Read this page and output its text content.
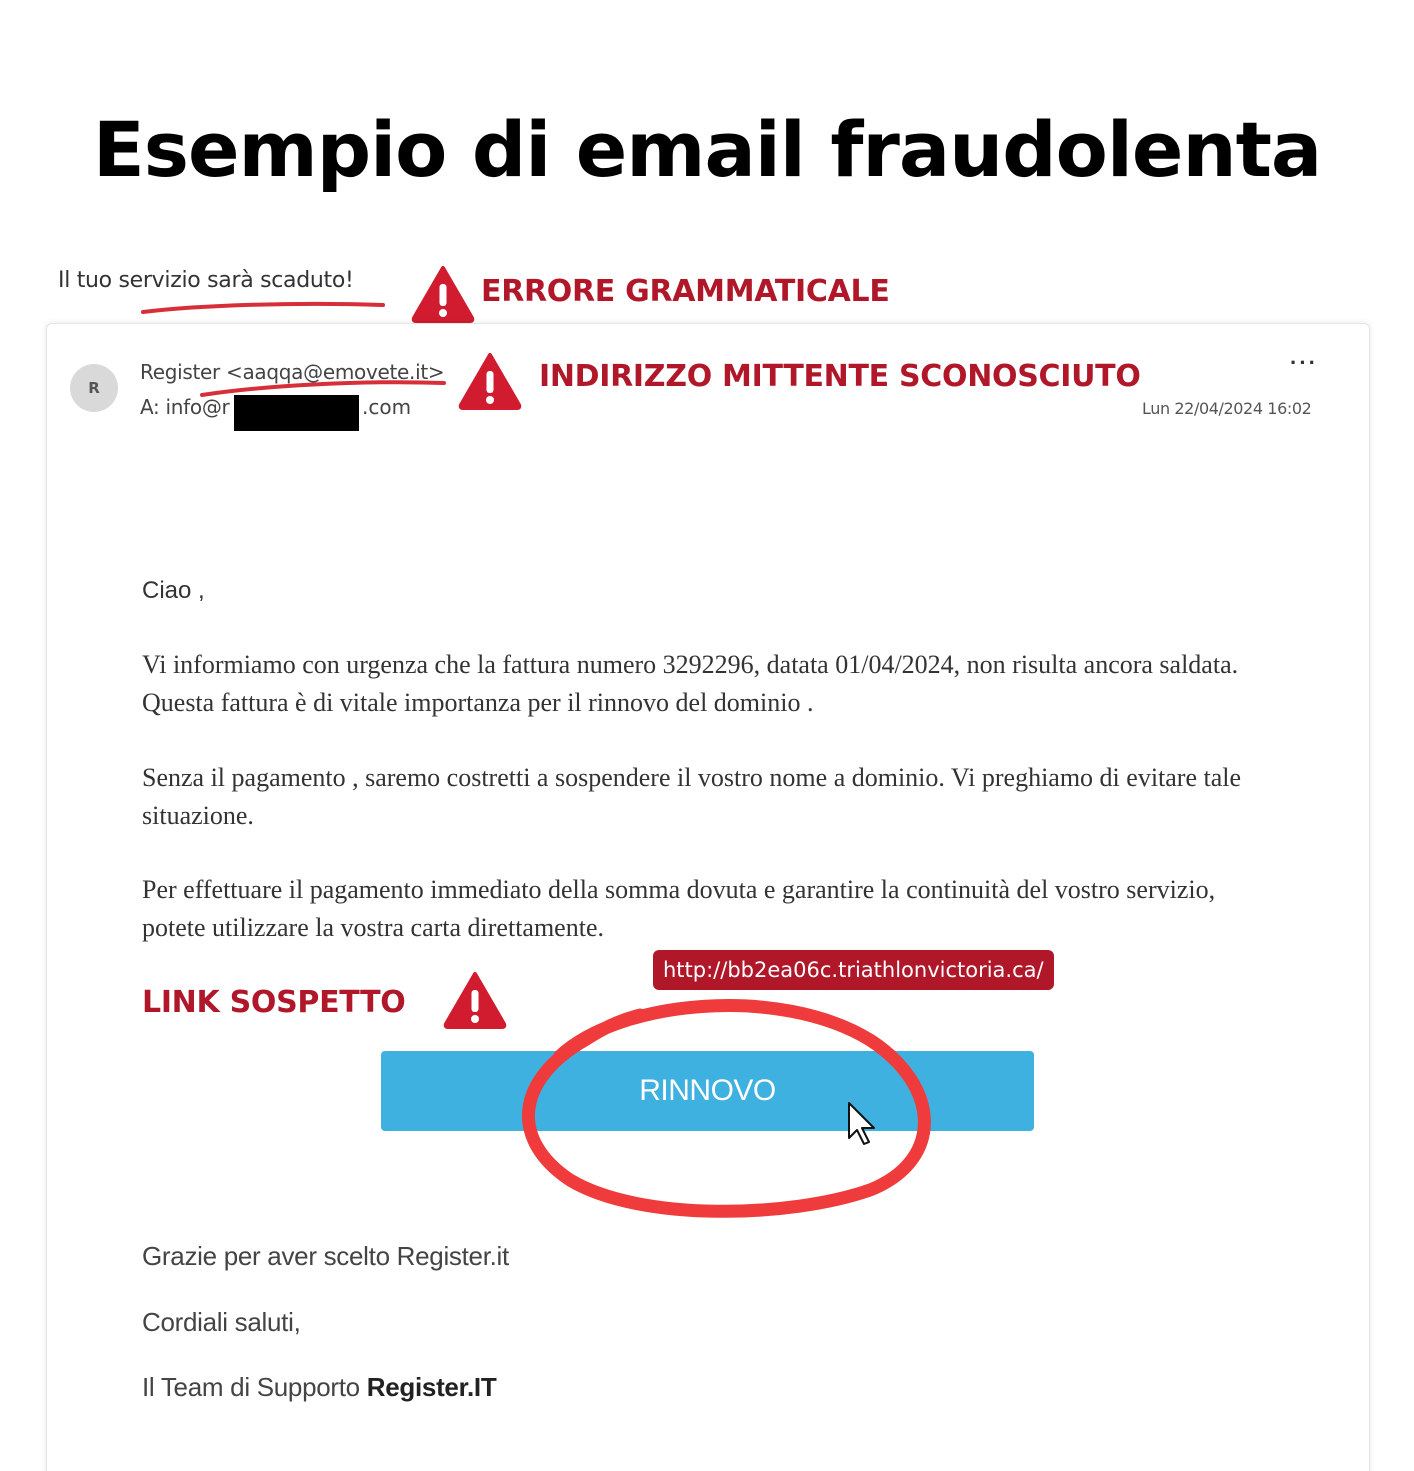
Esempio di email fraudolenta
Il tuo servizio sarà scaduto!	ERRORE GRAMMATICALE
R
Register <aaqqa@emovete.it>
A: info@r	.com
INDIRIZZO MITTENTE SCONOSCIUTO	···
Lun 22/04/2024 16:02
Ciao ,

Vi informiamo con urgenza che la fattura numero 3292296, datata 01/04/2024, non risulta ancora saldata. Questa fattura è di vitale importanza per il rinnovo del dominio .

Senza il pagamento , saremo costretti a sospendere il vostro nome a dominio. Vi preghiamo di evitare tale situazione.

Per effettuare il pagamento immediato della somma dovuta e garantire la continuità del vostro servizio, potete utilizzare la vostra carta direttamente.

LINK SOSPETTO
http://bb2ea06c.triathlonvictoria.ca/
RINNOVO
Grazie per aver scelto Register.it
Cordiali saluti,
Il Team di Supporto Register.IT
